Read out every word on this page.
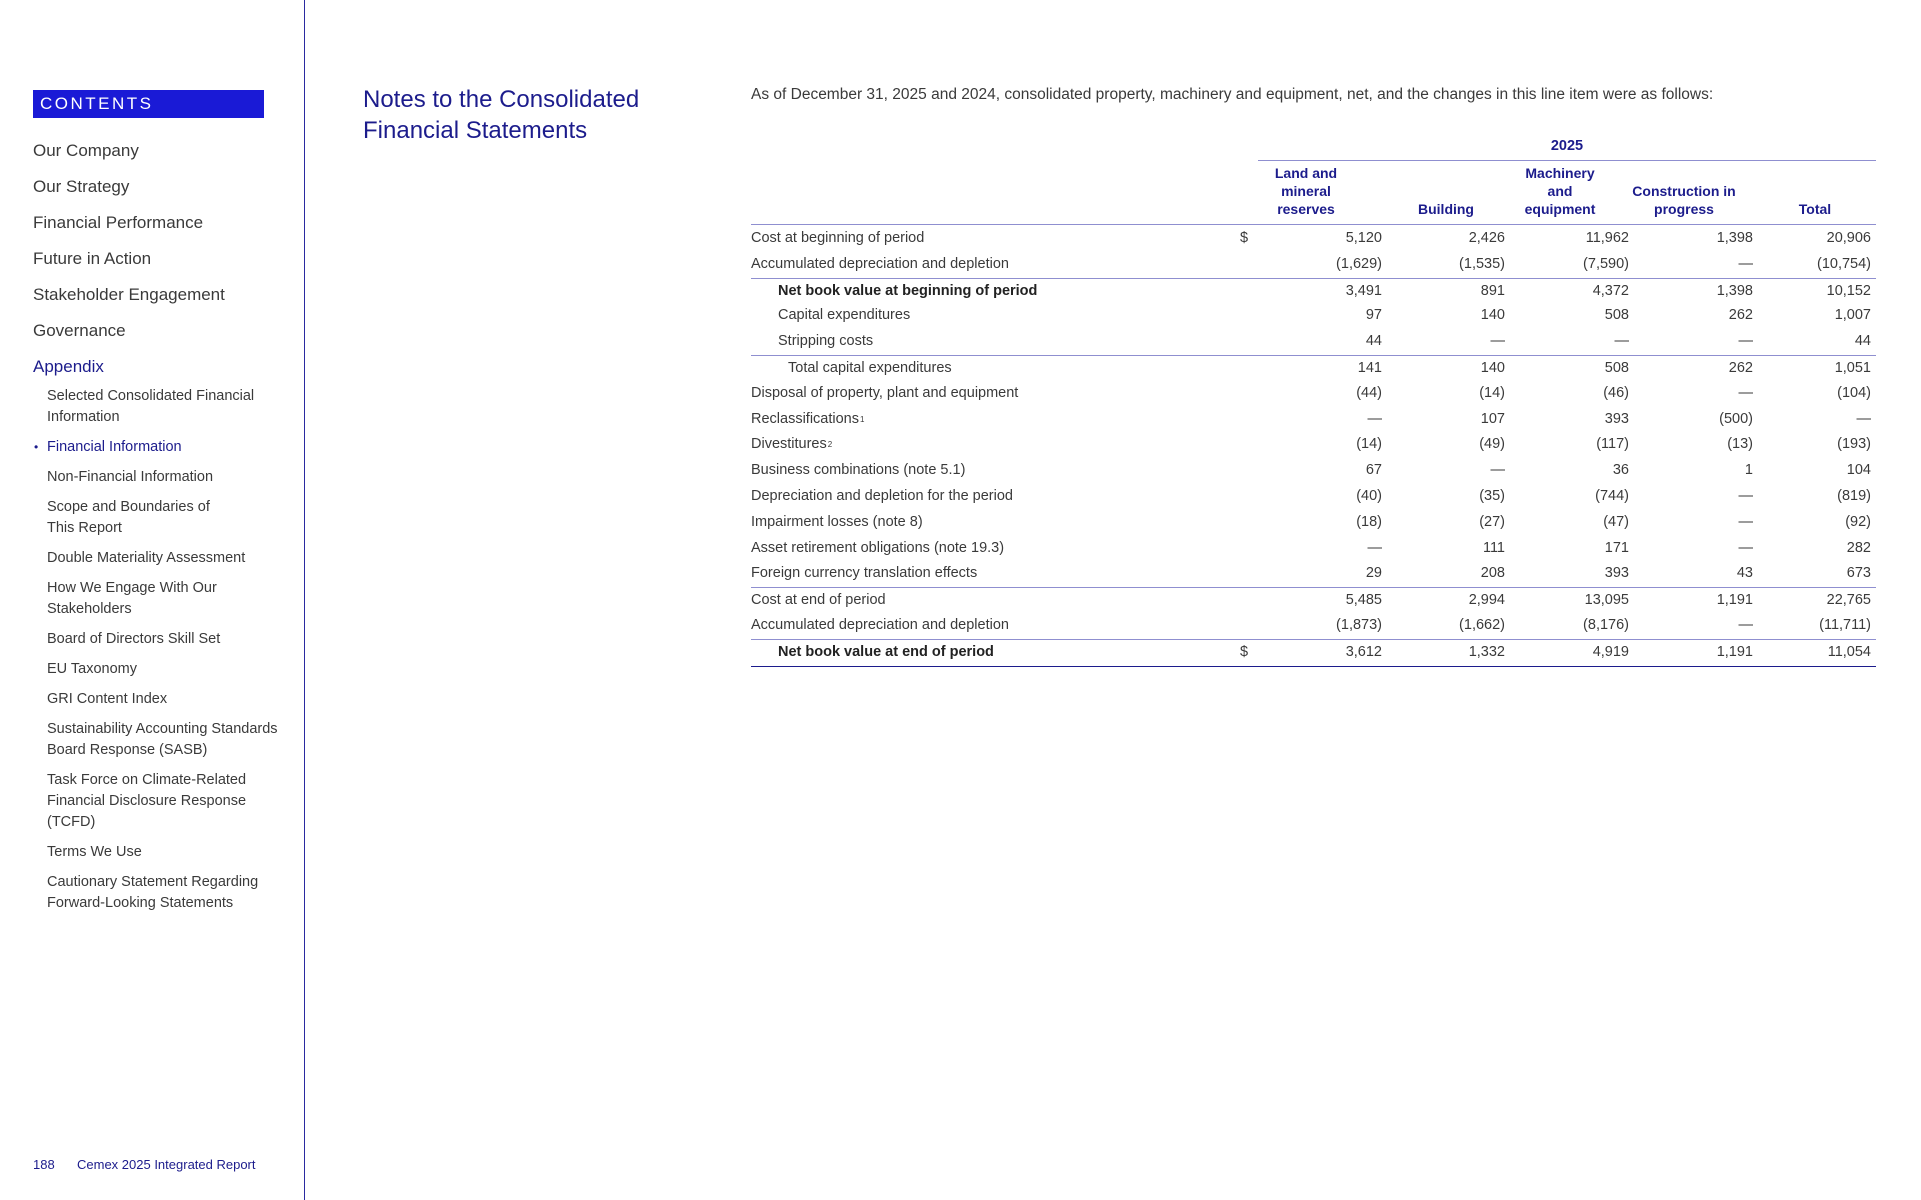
CONTENTS
Our Company
Our Strategy
Financial Performance
Future in Action
Stakeholder Engagement
Governance
Appendix
Selected Consolidated Financial Information
• Financial Information
Non-Financial Information
Scope and Boundaries of This Report
Double Materiality Assessment
How We Engage With Our Stakeholders
Board of Directors Skill Set
EU Taxonomy
GRI Content Index
Sustainability Accounting Standards Board Response (SASB)
Task Force on Climate-Related Financial Disclosure Response (TCFD)
Terms We Use
Cautionary Statement Regarding Forward-Looking Statements
188 Cemex 2025 Integrated Report
Notes to the Consolidated Financial Statements
As of December 31, 2025 and 2024, consolidated property, machinery and equipment, net, and the changes in this line item were as follows:
2025
Land and mineral reserves	Building
Machinery and equipment
Construction in progress	Total
Cost at beginning of period	$	5,120	2,426	11,962	1,398	20,906
Accumulated depreciation and depletion	(1,629)	(1,535)	(7,590)	—	(10,754)
Net book value at beginning of period	3,491	891	4,372	1,398	10,152
Capital expenditures	97	140	508	262	1,007
Stripping costs	44	—	—	—	44
Total capital expenditures	141	140	508	262	1,051
Disposal of property, plant and equipment	(44)	(14)	(46)	—	(104)
Reclassifications$^1$	—	107	393	(500)	—
Divestitures$^2$	(14)	(49)	(117)	(13)	(193)
Business combinations (note 5.1)	67	—	36	1	104
Depreciation and depletion for the period	(40)	(35)	(744)	—	(819)
Impairment losses (note 8)	(18)	(27)	(47)	—	(92)
Asset retirement obligations (note 19.3)	—	111	171	—	282
Foreign currency translation effects	29	208	393	43	673
Cost at end of period	5,485	2,994	13,095	1,191	22,765
Accumulated depreciation and depletion	(1,873)	(1,662)	(8,176)	—	(11,711)
Net book value at end of period	$	3,612	1,332	4,919	1,191	11,054
